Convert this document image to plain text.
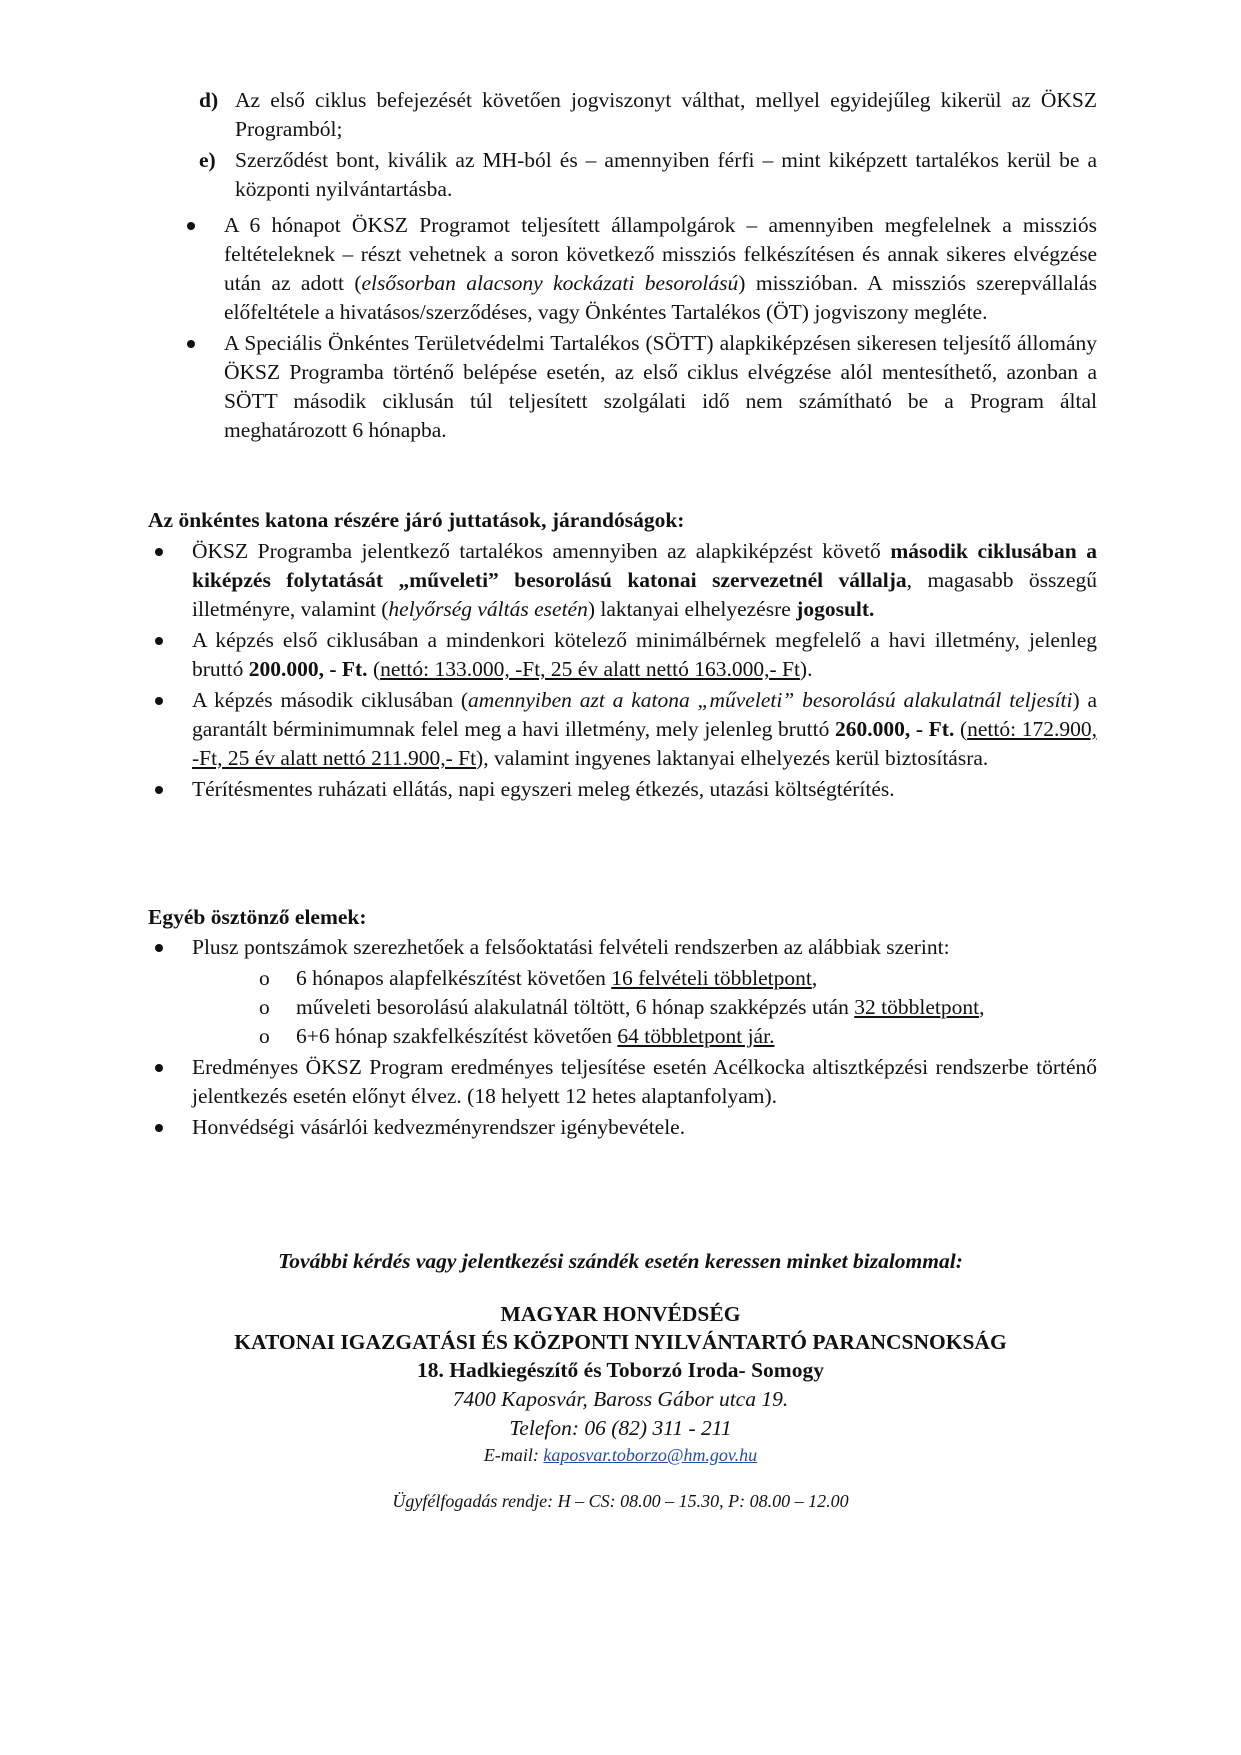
d) Az első ciklus befejezését követően jogviszonyt válthat, mellyel egyidejűleg kikerül az ÖKSZ Programból;
e) Szerződést bont, kiválik az MH-ból és – amennyiben férfi – mint kiképzett tartalékos kerül be a központi nyilvántartásba.
A 6 hónapot ÖKSZ Programot teljesített állampolgárok – amennyiben megfelelnek a missziós feltételeknek – részt vehetnek a soron következő missziós felkészítésen és annak sikeres elvégzése után az adott (elsősorban alacsony kockázati besorolású) misszióban. A missziós szerepvállalás előfeltétele a hivatásos/szerződéses, vagy Önkéntes Tartalékos (ÖT) jogviszony megléte.
A Speciális Önkéntes Területvédelmi Tartalékos (SÖTT) alapkiképzésen sikeresen teljesítő állomány ÖKSZ Programba történő belépése esetén, az első ciklus elvégzése alól mentesíthető, azonban a SÖTT második ciklusán túl teljesített szolgálati idő nem számítható be a Program által meghatározott 6 hónapba.
Az önkéntes katona részére járó juttatások, járandóságok:
ÖKSZ Programba jelentkező tartalékos amennyiben az alapkiképzést követő második ciklusában a kiképzés folytatását „műveleti” besorolású katonai szervezetnél vállalja, magasabb összegű illetményre, valamint (helyőrség váltás esetén) laktanyai elhelyezésre jogosult.
A képzés első ciklusában a mindenkori kötelező minimálbérnek megfelelő a havi illetmény, jelenleg bruttó 200.000, - Ft. (nettó: 133.000, -Ft, 25 év alatt nettó 163.000,- Ft).
A képzés második ciklusában (amennyiben azt a katona „műveleti” besorolású alakulatnál teljesíti) a garantált bérminimumnak felel meg a havi illetmény, mely jelenleg bruttó 260.000, - Ft. (nettó: 172.900, -Ft, 25 év alatt nettó 211.900,- Ft), valamint ingyenes laktanyai elhelyezés kerül biztosításra.
Térítésmentes ruházati ellátás, napi egyszeri meleg étkezés, utazási költségtérítés.
Egyéb ösztönző elemek:
Plusz pontszámok szerezhetőek a felsőoktatási felvételi rendszerben az alábbiak szerint:
o 6 hónapos alapfelkészítést követően 16 felvételi többletpont,
o műveleti besorolású alakulatnál töltött, 6 hónap szakképzés után 32 többletpont,
o 6+6 hónap szakfelkészítést követően 64 többletpont jár.
Eredményes ÖKSZ Program eredményes teljesítése esetén Acélkocka altisztképzési rendszerbe történő jelentkezés esetén előnyt élvez. (18 helyett 12 hetes alaptanfolyam).
Honvédségi vásárlói kedvezményrendszer igénybevétele.
További kérdés vagy jelentkezési szándék esetén keressen minket bizalommal:
MAGYAR HONVÉDSÉG
KATONAI IGAZGATÁSI ÉS KÖZPONTI NYILVÁNTARTÓ PARANCSNOKSÁG
18. Hadkiegészítő és Toborzó Iroda- Somogy
7400 Kaposvár, Baross Gábor utca 19.
Telefon: 06 (82) 311 - 211
E-mail: kaposvar.toborzo@hm.gov.hu
Ügyfélfogadás rendje: H – CS: 08.00 – 15.30, P: 08.00 – 12.00
